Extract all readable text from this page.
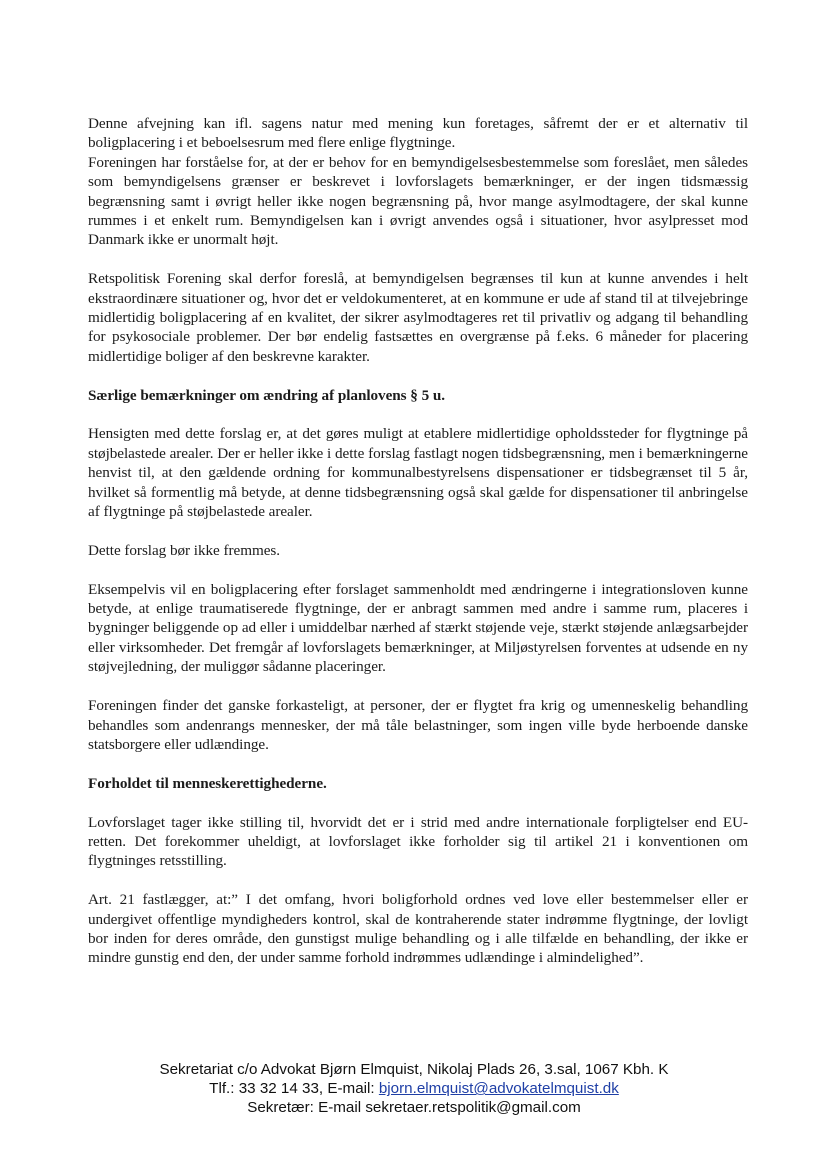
Denne afvejning kan ifl. sagens natur med mening kun foretages, såfremt der er et alternativ til boligplacering i et beboelsesrum med flere enlige flygtninge.

Foreningen har forståelse for, at der er behov for en bemyndigelsesbestemmelse som foreslået, men således som bemyndigelsens grænser er beskrevet i lovforslagets bemærkninger, er der ingen tidsmæssig begrænsning samt i øvrigt heller ikke nogen begrænsning på, hvor mange asylmodtagere, der skal kunne rummes i et enkelt rum. Bemyndigelsen kan i øvrigt anvendes også i situationer, hvor asylpresset mod Danmark ikke er unormalt højt.

Retspolitisk Forening skal derfor foreslå, at bemyndigelsen begrænses til kun at kunne anvendes i helt ekstraordinære situationer og, hvor det er veldokumenteret, at en kommune er ude af stand til at tilvejebringe midlertidig boligplacering af en kvalitet, der sikrer asylmodtageres ret til privatliv og adgang til behandling for psykosociale problemer. Der bør endelig fastsættes en overgrænse på f.eks. 6 måneder for placering midlertidige boliger af den beskrevne karakter.

Særlige bemærkninger om ændring af planlovens § 5 u.

Hensigten med dette forslag er, at det gøres muligt at etablere midlertidige opholdssteder for flygtninge på støjbelastede arealer. Der er heller ikke i dette forslag fastlagt nogen tidsbegrænsning, men i bemærkningerne henvist til, at den gældende ordning for kommunalbestyrelsens dispensationer er tidsbegrænset til 5 år, hvilket så formentlig må betyde, at denne tidsbegrænsning også skal gælde for dispensationer til anbringelse af flygtninge på støjbelastede arealer.

Dette forslag bør ikke fremmes.

Eksempelvis vil en boligplacering efter forslaget sammenholdt med ændringerne i integrationsloven kunne betyde, at enlige traumatiserede flygtninge, der er anbragt sammen med andre i samme rum, placeres i bygninger beliggende op ad eller i umiddelbar nærhed af stærkt støjende veje, stærkt støjende anlægsarbejder eller virksomheder. Det fremgår af lovforslagets bemærkninger, at Miljøstyrelsen forventes at udsende en ny støjvejledning, der muliggør sådanne placeringer.

Foreningen finder det ganske forkasteligt, at personer, der er flygtet fra krig og umenneskelig behandling behandles som andenrangs mennesker, der må tåle belastninger, som ingen ville byde herboende danske statsborgere eller udlændinge.

Forholdet til menneskerettighederne.

Lovforslaget tager ikke stilling til, hvorvidt det er i strid med andre internationale forpligtelser end EU-retten. Det forekommer uheldigt, at lovforslaget ikke forholder sig til artikel 21 i konventionen om flygtninges retsstilling.

Art. 21 fastlægger, at:” I det omfang, hvori boligforhold ordnes ved love eller bestemmelser eller er undergivet offentlige myndigheders kontrol, skal de kontraherende stater indrømme flygtninge, der lovligt bor inden for deres område, den gunstigst mulige behandling og i alle tilfælde en behandling, der ikke er mindre gunstig end den, der under samme forhold indrømmes udlændinge i almindelighed”.

Sekretariat c/o Advokat Bjørn Elmquist, Nikolaj Plads 26, 3.sal, 1067 Kbh. K
Tlf.: 33 32 14 33, E-mail: bjorn.elmquist@advokatelmquist.dk
Sekretær: E-mail sekretaer.retspolitik@gmail.com
